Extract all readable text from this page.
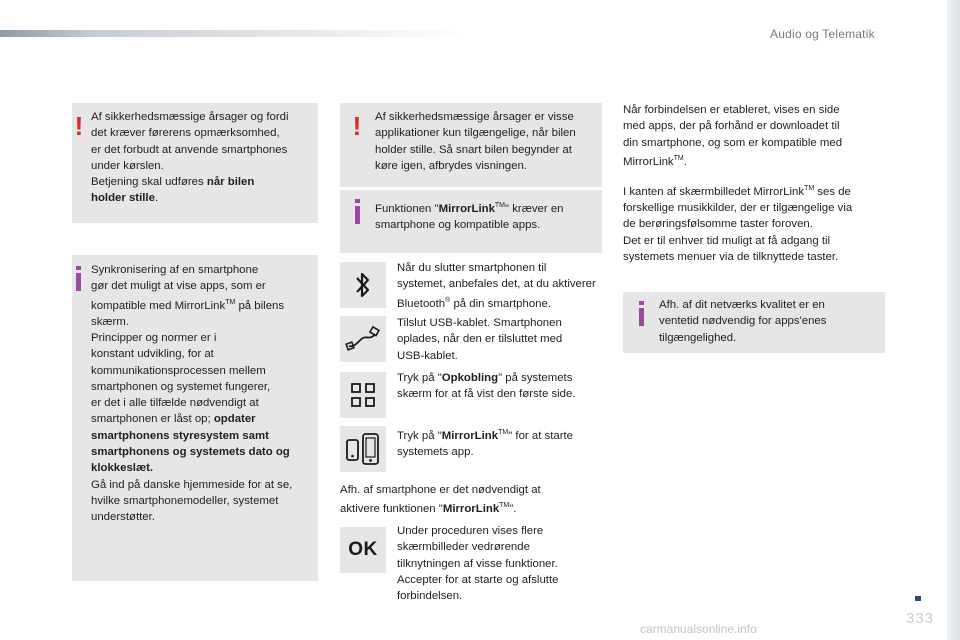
Audio og Telematik
! Af sikkerhedsmæssige årsager og fordi
det kræver førerens opmærksomhed,
er det forbudt at anvende smartphones
under kørslen.
Betjening skal udføres når bilen
holder stille.

Synkronisering af en smartphone
gør det muligt at vise apps, som er
kompatible med MirrorLink™ på bilens
skærm.
Principper og normer er i
konstant udvikling, for at
kommunikationsprocessen mellem
smartphonen og systemet fungerer,
er det i alle tilfælde nødvendigt at
smartphonen er låst op; opdater
smartphonens styresystem samt
smartphonens og systemets dato og
klokkeslæt.
Gå ind på danske hjemmeside for at se,
hvilke smartphonemodeller, systemet
understøtter.

! Af sikkerhedsmæssige årsager er visse
applikationer kun tilgængelige, når bilen
holder stille. Så snart bilen begynder at
køre igen, afbrydes visningen.

Funktionen "MirrorLink™" kræver en
smartphone og kompatible apps.

Når du slutter smartphonen til
systemet, anbefales det, at du aktiverer
Bluetooth® på din smartphone.

Tilslut USB-kablet. Smartphonen
oplades, når den er tilsluttet med
USB-kablet.

Tryk på "Opkobling" på systemets
skærm for at få vist den første side.

Tryk på "MirrorLink™" for at starte
systemets app.

Afh. af smartphone er det nødvendigt at
aktivere funktionen "MirrorLink™".

OK

Under proceduren vises flere
skærmbilleder vedrørende
tilknytningen af visse funktioner.
Accepter for at starte og afslutte
forbindelsen.

Når forbindelsen er etableret, vises en side
med apps, der på forhånd er downloadet til
din smartphone, og som er kompatible med
MirrorLink™.

I kanten af skærmbilledet MirrorLink™ ses de
forskellige musikkilder, der er tilgængelige via
de berøringsfølsomme taster foroven.
Det er til enhver tid muligt at få adgang til
systemets menuer via de tilknyttede taster.

Afh. af dit netværks kvalitet er en
ventetid nødvendig for apps'enes
tilgængelighed.

333
carmanualsonline.info
